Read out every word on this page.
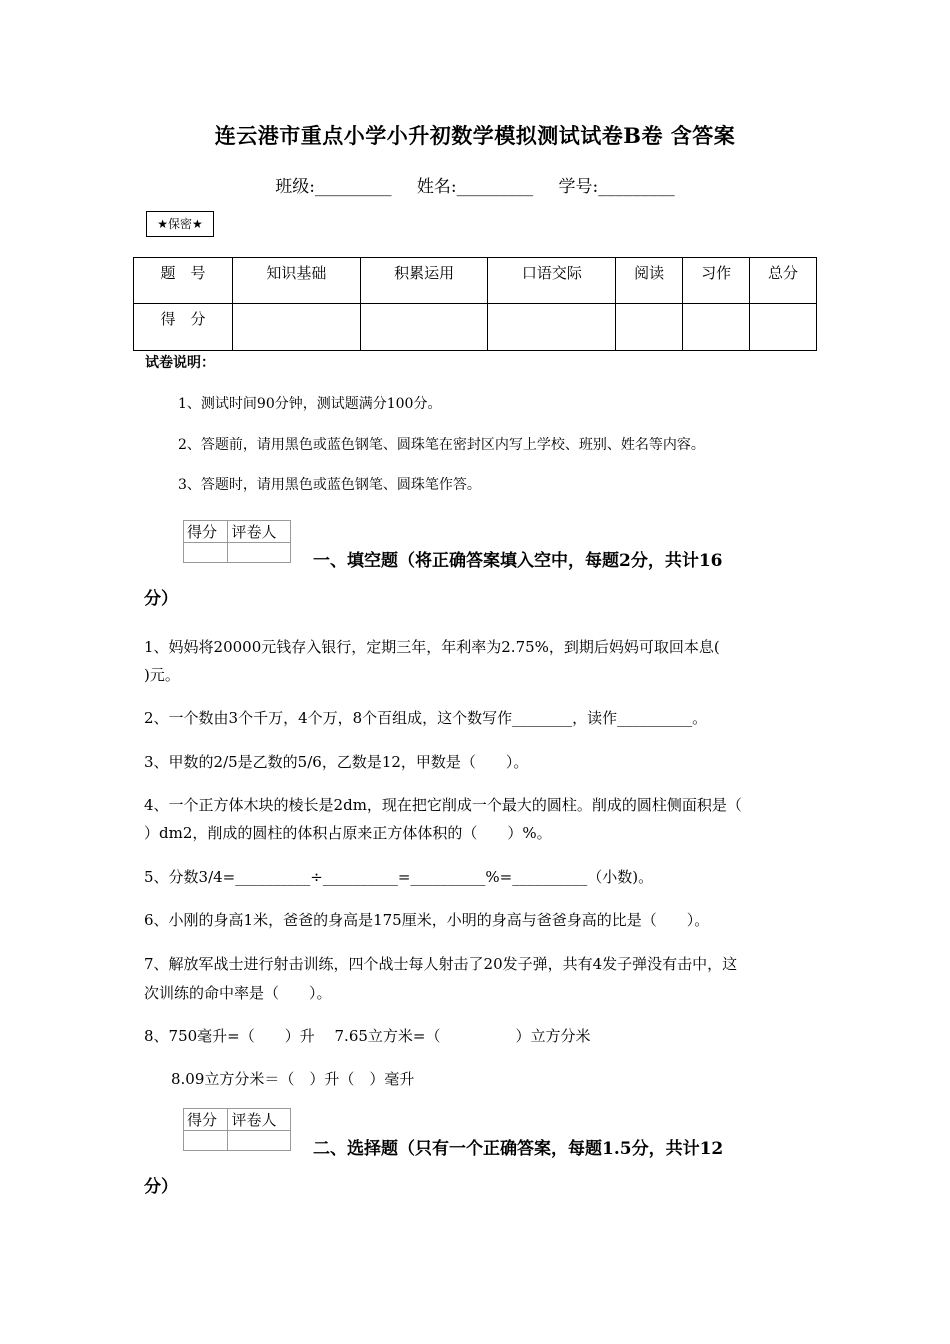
连云港市重点小学小升初数学模拟测试试卷B卷 含答案
班级:_________ 姓名:_________ 学号:_________
★保密★
题　号	知识基础	积累运用	口语交际	阅读	习作	总分
得　分						
试卷说明：
1、测试时间90分钟，测试题满分100分。
2、答题前，请用黑色或蓝色钢笔、圆珠笔在密封区内写上学校、班别、姓名等内容。
3、答题时，请用黑色或蓝色钢笔、圆珠笔作答。
得分	评卷人

一、填空题（将正确答案填入空中，每题2分，共计16
分）
1、妈妈将20000元钱存入银行，定期三年，年利率为2.75%，到期后妈妈可取回本息(
)元。
2、一个数由3个千万，4个万，8个百组成，这个数写作________，读作__________。
3、甲数的2/5是乙数的5/6，乙数是12，甲数是（　　）。
4、一个正方体木块的棱长是2dm，现在把它削成一个最大的圆柱。削成的圆柱侧面积是（
）dm2，削成的圆柱的体积占原来正方体体积的（　　）%。
5、分数3/4=__________÷__________=__________%=__________（小数)。
6、小刚的身高1米，爸爸的身高是175厘米，小明的身高与爸爸身高的比是（　　）。
7、解放军战士进行射击训练，四个战士每人射击了20发子弹，共有4发子弹没有击中，这
次训练的命中率是（　　）。
8、750毫升=（　　）升　 7.65立方米=（　　　　　）立方分米
8.09立方分米＝（　）升（　）毫升
得分	评卷人

二、选择题（只有一个正确答案，每题1.5分，共计12
分）
